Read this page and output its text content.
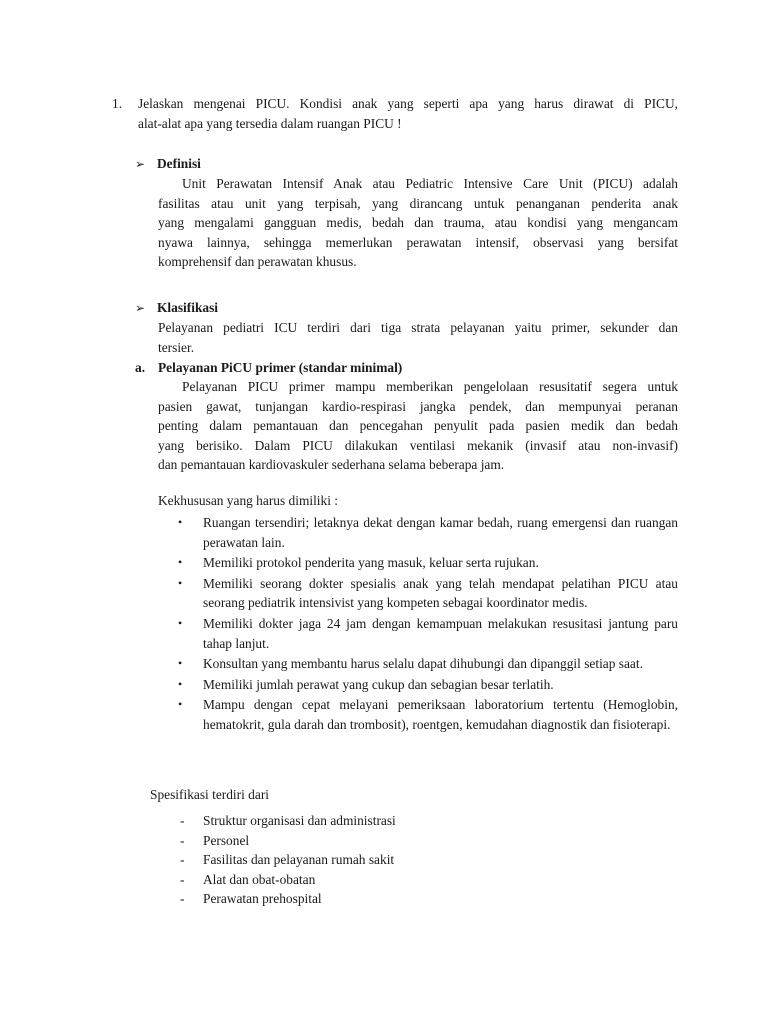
1. Jelaskan mengenai PICU. Kondisi anak yang seperti apa yang harus dirawat di PICU,
alat-alat apa yang tersedia dalam ruangan PICU !
➢ Definisi
Unit Perawatan Intensif Anak atau Pediatric Intensive Care Unit (PICU) adalah
fasilitas atau unit yang terpisah, yang dirancang untuk penanganan penderita anak
yang mengalami gangguan medis, bedah dan trauma, atau kondisi yang mengancam
nyawa lainnya, sehingga memerlukan perawatan intensif, observasi yang bersifat
komprehensif dan perawatan khusus.
➢ Klasifikasi
Pelayanan pediatri ICU terdiri dari tiga strata pelayanan yaitu primer, sekunder dan
tersier.
a. Pelayanan PiCU primer (standar minimal)
Pelayanan PICU primer mampu memberikan pengelolaan resusitatif segera untuk
pasien gawat, tunjangan kardio-respirasi jangka pendek, dan mempunyai peranan
penting dalam pemantauan dan pencegahan penyulit pada pasien medik dan bedah
yang berisiko. Dalam PICU dilakukan ventilasi mekanik (invasif atau non-invasif)
dan pemantauan kardiovaskuler sederhana selama beberapa jam.
Kekhususan yang harus dimiliki :
• Ruangan tersendiri; letaknya dekat dengan kamar bedah, ruang emergensi dan ruangan perawatan lain.
• Memiliki protokol penderita yang masuk, keluar serta rujukan.
• Memiliki seorang dokter spesialis anak yang telah mendapat pelatihan PICU atau seorang pediatrik intensivist yang kompeten sebagai koordinator medis.
• Memiliki dokter jaga 24 jam dengan kemampuan melakukan resusitasi jantung paru tahap lanjut.
• Konsultan yang membantu harus selalu dapat dihubungi dan dipanggil setiap saat.
• Memiliki jumlah perawat yang cukup dan sebagian besar terlatih.
• Mampu dengan cepat melayani pemeriksaan laboratorium tertentu (Hemoglobin, hematokrit, gula darah dan trombosit), roentgen, kemudahan diagnostik dan fisioterapi.
Spesifikasi terdiri dari
- Struktur organisasi dan administrasi
- Personel
- Fasilitas dan pelayanan rumah sakit
- Alat dan obat-obatan
- Perawatan prehospital
